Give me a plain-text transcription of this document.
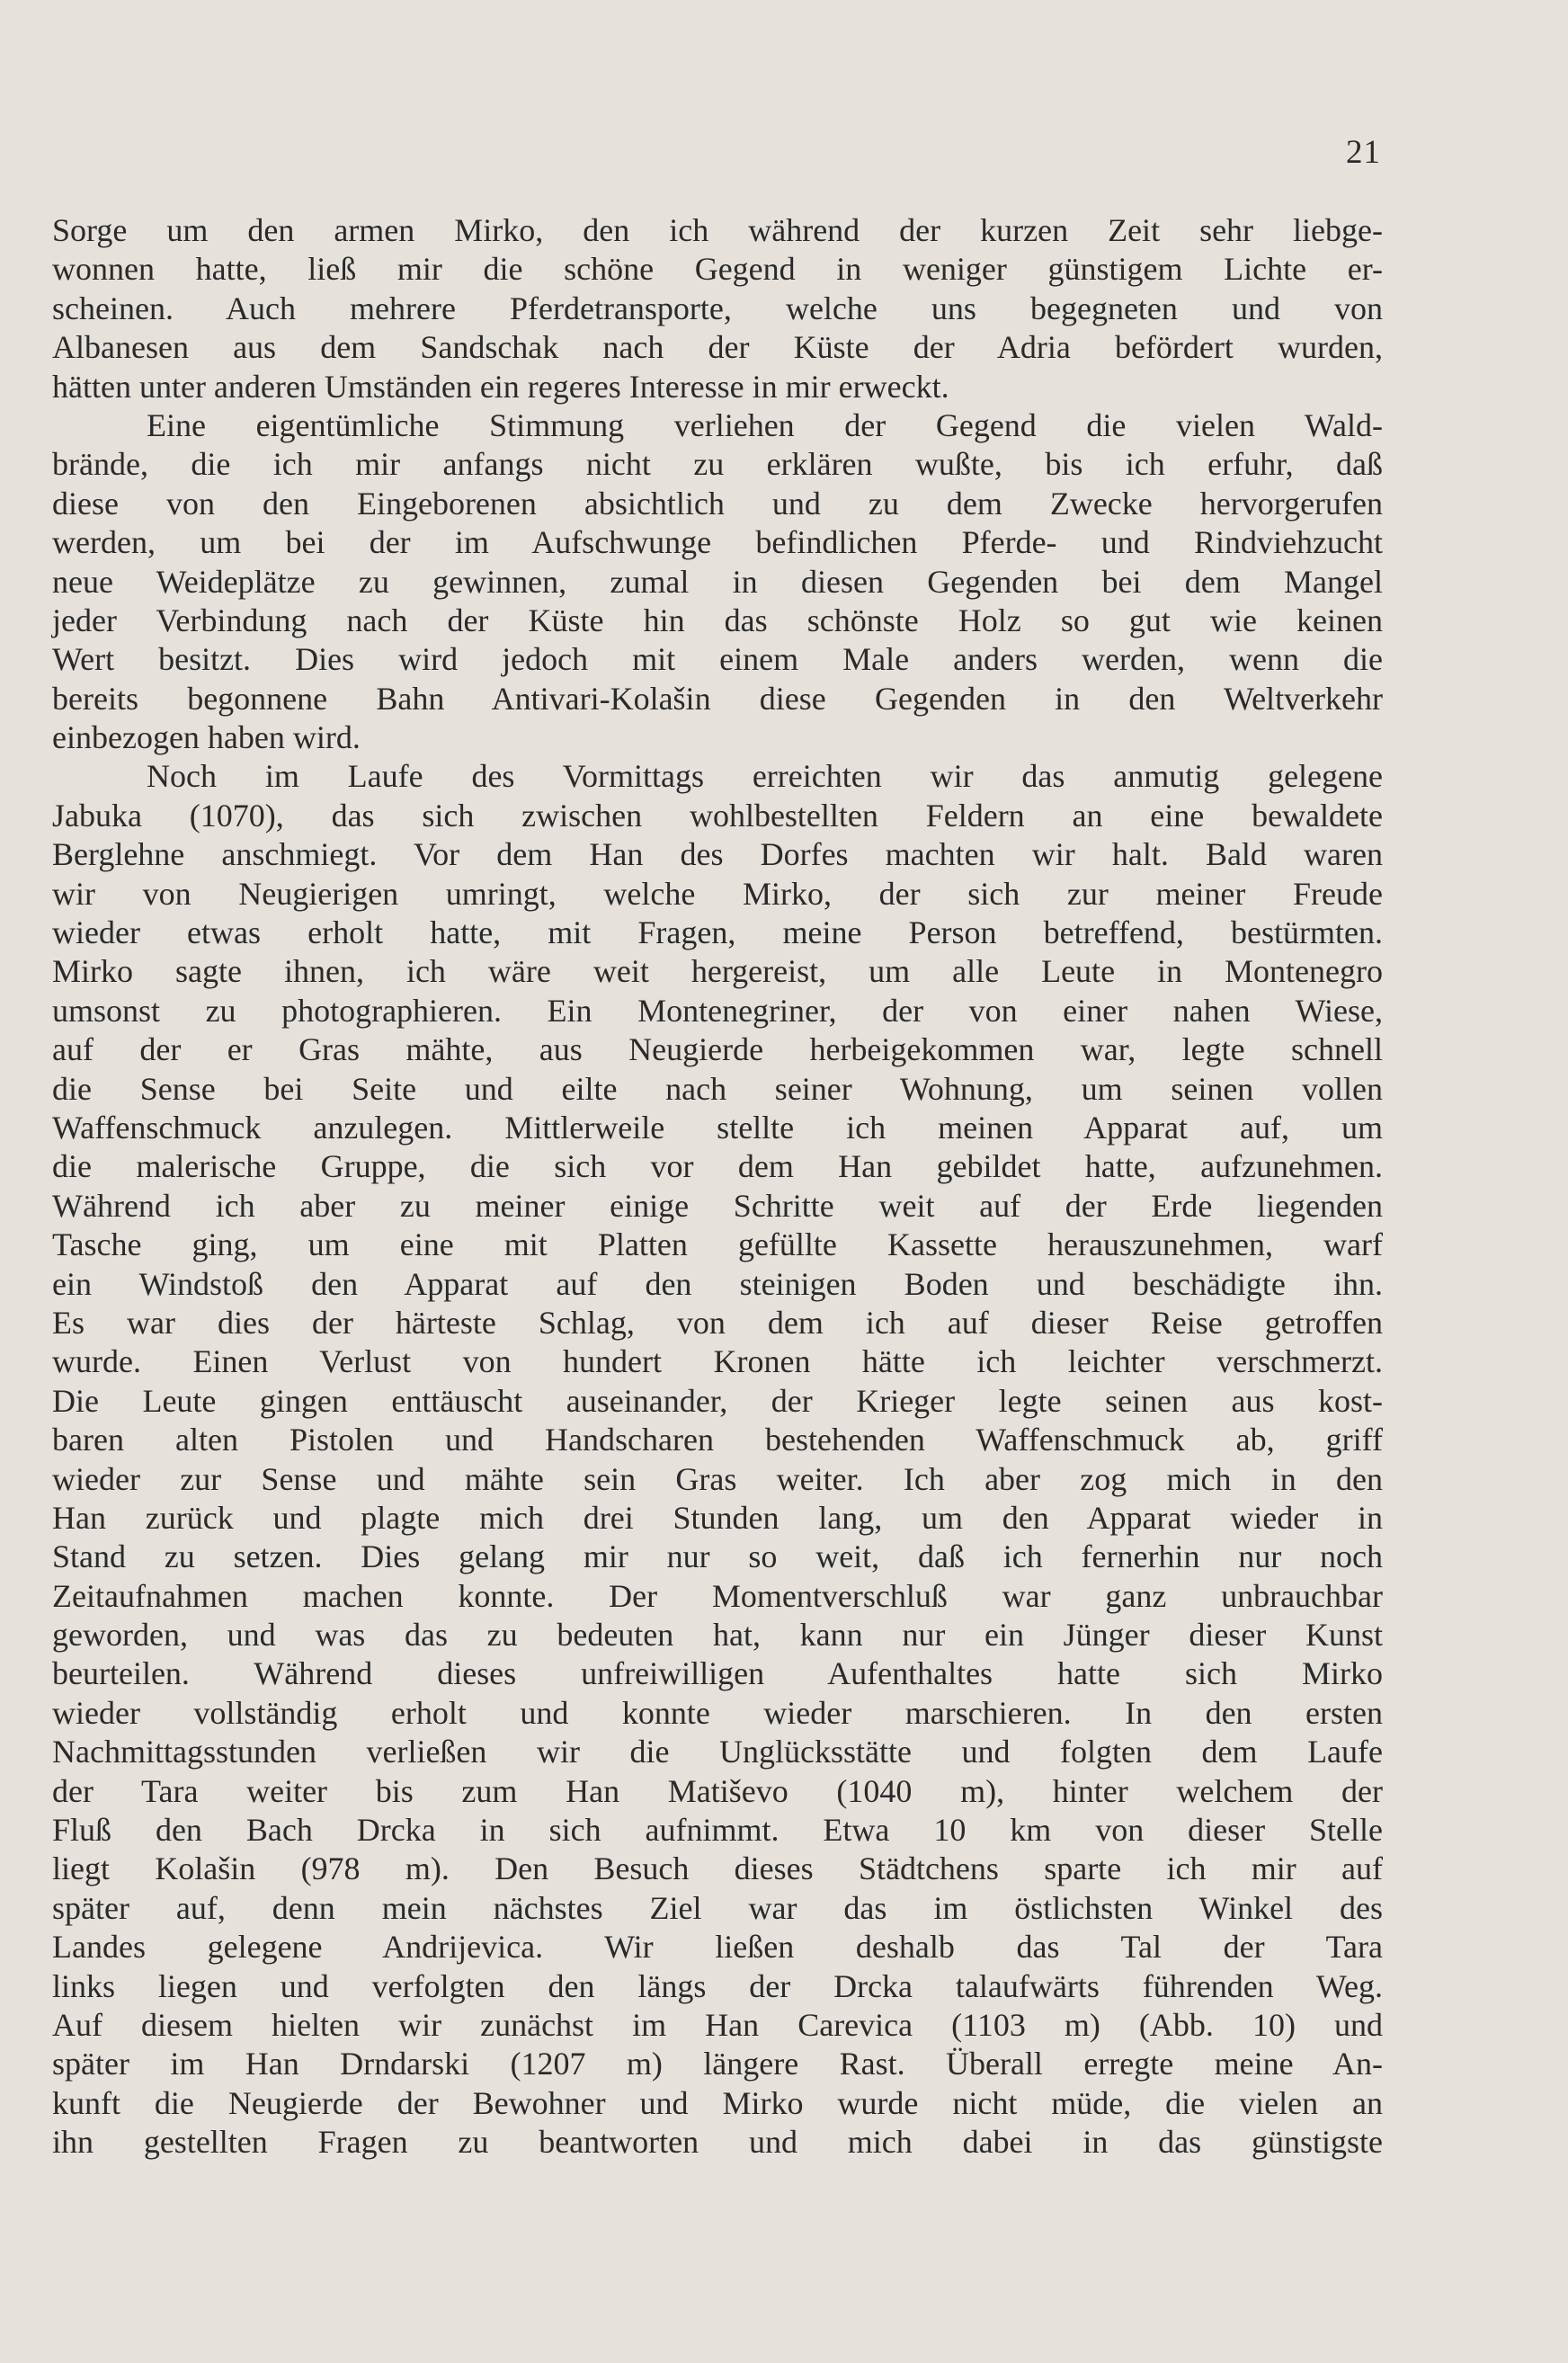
21
Sorge um den armen Mirko, den ich während der kurzen Zeit sehr liebge-
wonnen hatte, ließ mir die schöne Gegend in weniger günstigem Lichte er-
scheinen. Auch mehrere Pferdetransporte, welche uns begegneten und von
Albanesen aus dem Sandschak nach der Küste der Adria befördert wurden,
hätten unter anderen Umständen ein regeres Interesse in mir erweckt.
Eine eigentümliche Stimmung verliehen der Gegend die vielen Wald-
brände, die ich mir anfangs nicht zu erklären wußte, bis ich erfuhr, daß
diese von den Eingeborenen absichtlich und zu dem Zwecke hervorgerufen
werden, um bei der im Aufschwunge befindlichen Pferde- und Rindviehzucht
neue Weideplätze zu gewinnen, zumal in diesen Gegenden bei dem Mangel
jeder Verbindung nach der Küste hin das schönste Holz so gut wie keinen
Wert besitzt. Dies wird jedoch mit einem Male anders werden, wenn die
bereits begonnene Bahn Antivari-Kolašin diese Gegenden in den Weltverkehr
einbezogen haben wird.
Noch im Laufe des Vormittags erreichten wir das anmutig gelegene
Jabuka (1070), das sich zwischen wohlbestellten Feldern an eine bewaldete
Berglehne anschmiegt. Vor dem Han des Dorfes machten wir halt. Bald waren
wir von Neugierigen umringt, welche Mirko, der sich zur meiner Freude
wieder etwas erholt hatte, mit Fragen, meine Person betreffend, bestürmten.
Mirko sagte ihnen, ich wäre weit hergereist, um alle Leute in Montenegro
umsonst zu photographieren. Ein Montenegriner, der von einer nahen Wiese,
auf der er Gras mähte, aus Neugierde herbeigekommen war, legte schnell
die Sense bei Seite und eilte nach seiner Wohnung, um seinen vollen
Waffenschmuck anzulegen. Mittlerweile stellte ich meinen Apparat auf, um
die malerische Gruppe, die sich vor dem Han gebildet hatte, aufzunehmen.
Während ich aber zu meiner einige Schritte weit auf der Erde liegenden
Tasche ging, um eine mit Platten gefüllte Kassette herauszunehmen, warf
ein Windstoß den Apparat auf den steinigen Boden und beschädigte ihn.
Es war dies der härteste Schlag, von dem ich auf dieser Reise getroffen
wurde. Einen Verlust von hundert Kronen hätte ich leichter verschmerzt.
Die Leute gingen enttäuscht auseinander, der Krieger legte seinen aus kost-
baren alten Pistolen und Handscharen bestehenden Waffenschmuck ab, griff
wieder zur Sense und mähte sein Gras weiter. Ich aber zog mich in den
Han zurück und plagte mich drei Stunden lang, um den Apparat wieder in
Stand zu setzen. Dies gelang mir nur so weit, daß ich fernerhin nur noch
Zeitaufnahmen machen konnte. Der Momentverschluß war ganz unbrauchbar
geworden, und was das zu bedeuten hat, kann nur ein Jünger dieser Kunst
beurteilen. Während dieses unfreiwilligen Aufenthaltes hatte sich Mirko
wieder vollständig erholt und konnte wieder marschieren. In den ersten
Nachmittagsstunden verließen wir die Unglücksstätte und folgten dem Laufe
der Tara weiter bis zum Han Matiševo (1040 m), hinter welchem der
Fluß den Bach Drcka in sich aufnimmt. Etwa 10 km von dieser Stelle
liegt Kolašin (978 m). Den Besuch dieses Städtchens sparte ich mir auf
später auf, denn mein nächstes Ziel war das im östlichsten Winkel des
Landes gelegene Andrijevica. Wir ließen deshalb das Tal der Tara
links liegen und verfolgten den längs der Drcka talaufwärts führenden Weg.
Auf diesem hielten wir zunächst im Han Carevica (1103 m) (Abb. 10) und
später im Han Drndarski (1207 m) längere Rast. Überall erregte meine An-
kunft die Neugierde der Bewohner und Mirko wurde nicht müde, die vielen an
ihn gestellten Fragen zu beantworten und mich dabei in das günstigste
